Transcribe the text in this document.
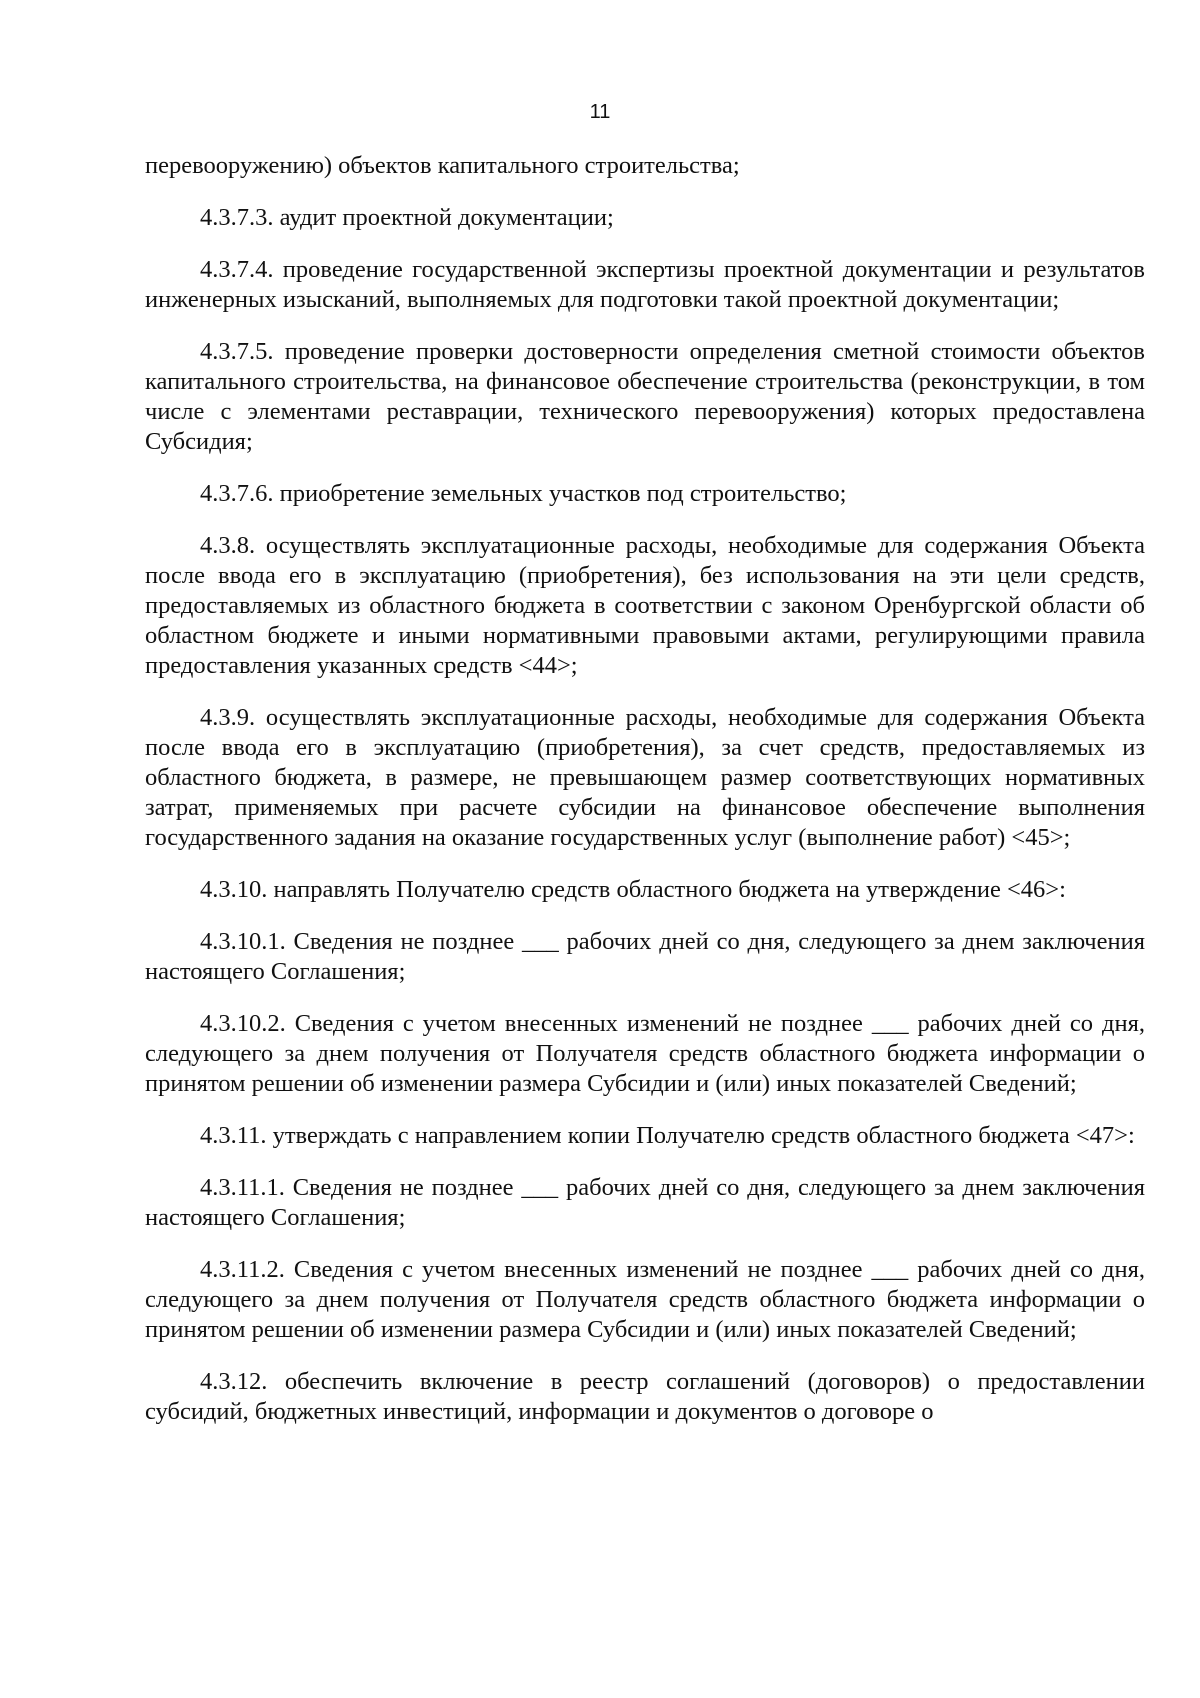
11

перевооружению) объектов капитального строительства;

4.3.7.3. аудит проектной документации;

4.3.7.4. проведение государственной экспертизы проектной документации и результатов инженерных изысканий, выполняемых для подготовки такой проектной документации;

4.3.7.5. проведение проверки достоверности определения сметной стоимости объектов капитального строительства, на финансовое обеспечение строительства (реконструкции, в том числе с элементами реставрации, технического перевооружения) которых предоставлена Субсидия;

4.3.7.6. приобретение земельных участков под строительство;

4.3.8. осуществлять эксплуатационные расходы, необходимые для содержания Объекта после ввода его в эксплуатацию (приобретения), без использования на эти цели средств, предоставляемых из областного бюджета в соответствии с законом Оренбургской области об областном бюджете и иными нормативными правовыми актами, регулирующими правила предоставления указанных средств <44>;

4.3.9. осуществлять эксплуатационные расходы, необходимые для содержания Объекта после ввода его в эксплуатацию (приобретения), за счет средств, предоставляемых из областного бюджета, в размере, не превышающем размер соответствующих нормативных затрат, применяемых при расчете субсидии на финансовое обеспечение выполнения государственного задания на оказание государственных услуг (выполнение работ) <45>;

4.3.10. направлять Получателю средств областного бюджета на утверждение <46>:

4.3.10.1. Сведения не позднее ___ рабочих дней со дня, следующего за днем заключения настоящего Соглашения;

4.3.10.2. Сведения с учетом внесенных изменений не позднее ___ рабочих дней со дня, следующего за днем получения от Получателя средств областного бюджета информации о принятом решении об изменении размера Субсидии и (или) иных показателей Сведений;

4.3.11. утверждать с направлением копии Получателю средств областного бюджета <47>:

4.3.11.1. Сведения не позднее ___ рабочих дней со дня, следующего за днем заключения настоящего Соглашения;

4.3.11.2. Сведения с учетом внесенных изменений не позднее ___ рабочих дней со дня, следующего за днем получения от Получателя средств областного бюджета информации о принятом решении об изменении размера Субсидии и (или) иных показателей Сведений;

4.3.12. обеспечить включение в реестр соглашений (договоров) о предоставлении субсидий, бюджетных инвестиций, информации и документов о договоре о
